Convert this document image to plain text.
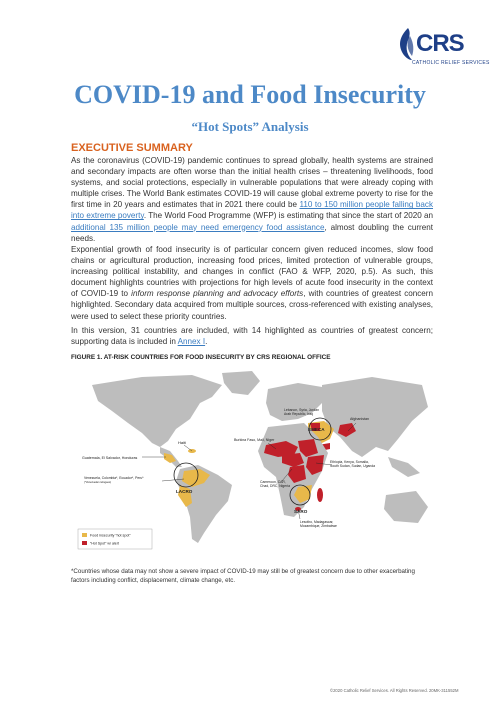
CRS
CATHOLIC RELIEF SERVICES
COVID-19 and Food Insecurity
“Hot Spots” Analysis
EXECUTIVE SUMMARY

As the coronavirus (COVID-19) pandemic continues to spread globally, health systems are strained and secondary impacts are often worse than the initial health crises – threatening livelihoods, food systems, and social protections, especially in vulnerable populations that were already coping with multiple crises. The World Bank estimates COVID-19 will cause global extreme poverty to rise for the first time in 20 years and estimates that in 2021 there could be 110 to 150 million people falling back into extreme poverty. The World Food Programme (WFP) is estimating that since the start of 2020 an additional 135 million people may need emergency food assistance, almost doubling the current needs.

Exponential growth of food insecurity is of particular concern given reduced incomes, slow food chains or agricultural production, increasing food prices, limited protection of vulnerable groups, increasing political instability, and changes in conflict (FAO & WFP, 2020, p.5). As such, this document highlights countries with projections for high levels of acute food insecurity in the context of COVID-19 to inform response planning and advocacy efforts, with countries of greatest concern highlighted. Secondary data acquired from multiple sources, cross-referenced with existing analyses, were used to select these priority countries.

In this version, 31 countries are included, with 14 highlighted as countries of greatest concern; supporting data is included in Annex I.

FIGURE 1. AT-RISK COUNTRIES FOR FOOD INSECURITY BY CRS REGIONAL OFFICE
Haiti
Guatemala, El Salvador, Honduras
Venezuela, Colombia*, Ecuador*, Peru*
(*Venezuelan refugees)
LACRO
Burkina Faso, Mali, Niger
Lebanon, Syria, Jordan
Arab Republic, Iraq
Afghanistan
EMECA
Ethiopia, Kenya, Somalia,
South Sudan, Sudan, Uganda
Cameroon, CAR,
Chad, DRC, Nigeria
SARO
Lesotho, Madagascar,
Mozambique, Zimbabwe
Food insecurity “hot spot”
“Hot Spot” w/ alert
*Countries whose data may not show a severe impact of COVID-19 may still be of greatest concern due to other exacerbating factors including conflict, displacement, climate change, etc.
©2020 Catholic Relief Services. All Rights Reserved. 20MK-311552M
